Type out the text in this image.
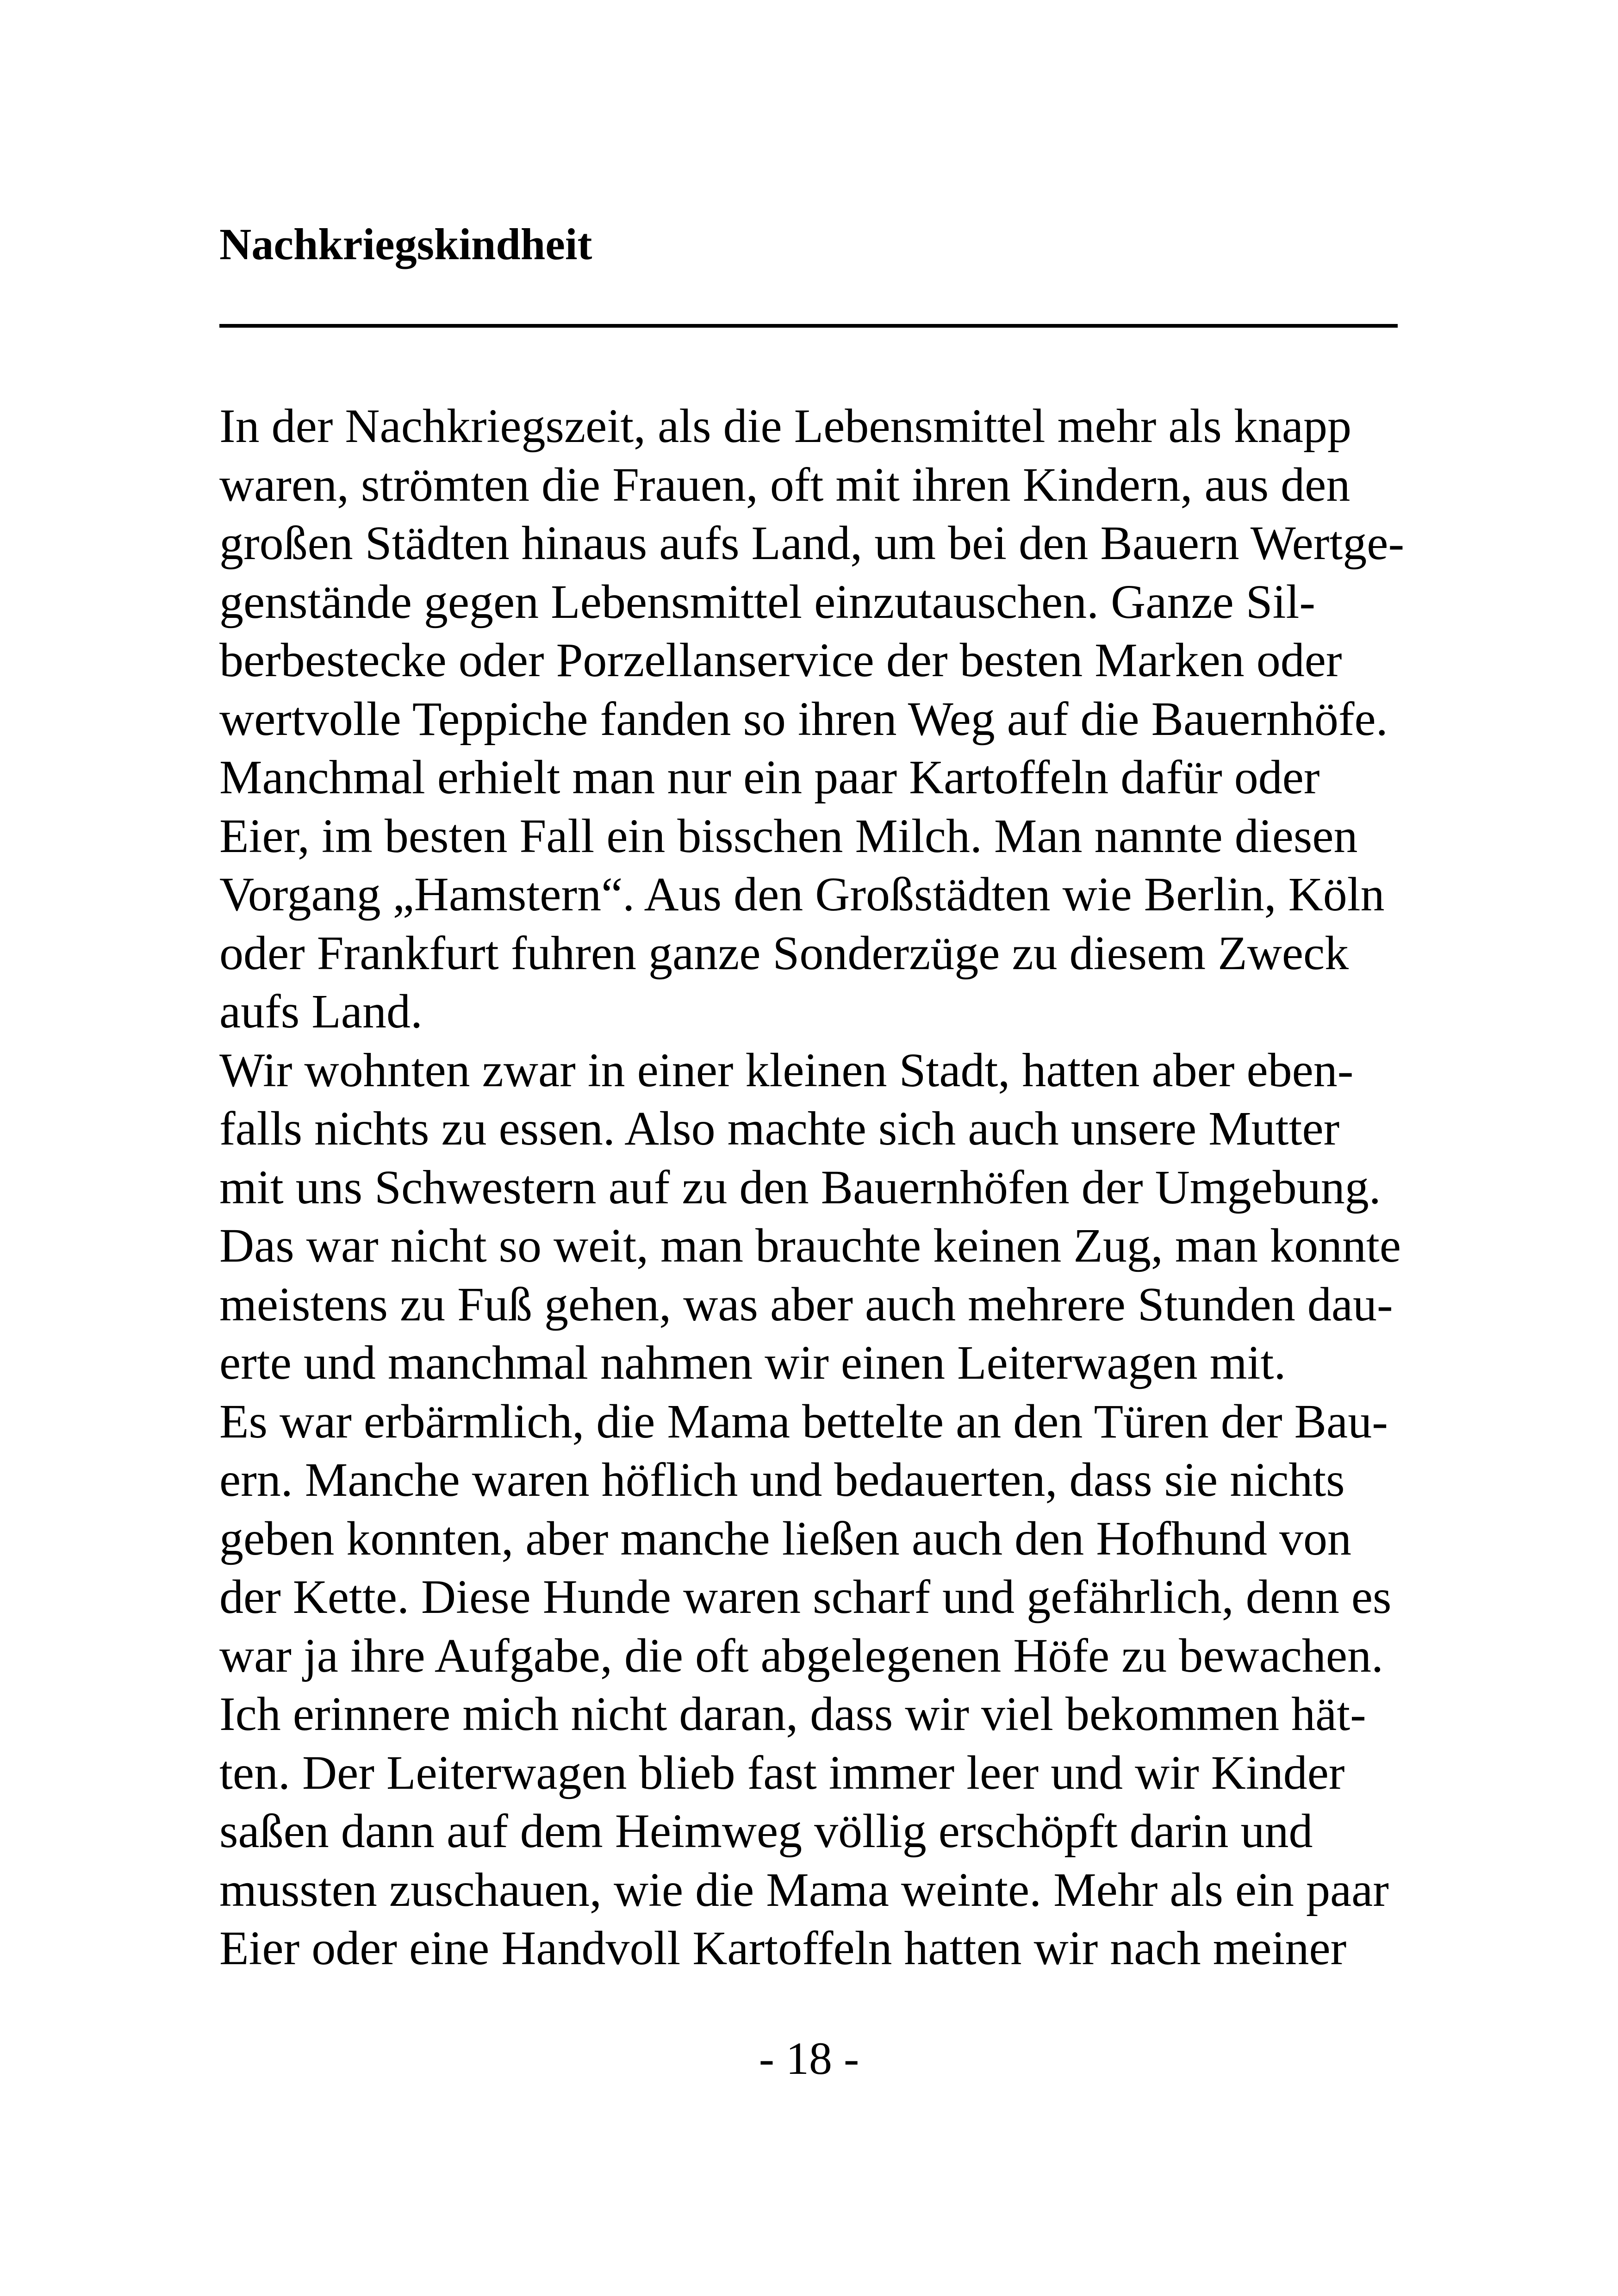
Nachkriegskindheit
In der Nachkriegszeit, als die Lebensmittel mehr als knapp
waren, strömten die Frauen, oft mit ihren Kindern, aus den
großen Städten hinaus aufs Land, um bei den Bauern Wertge-
genstände gegen Lebensmittel einzutauschen. Ganze Sil-
berbestecke oder Porzellanservice der besten Marken oder
wertvolle Teppiche fanden so ihren Weg auf die Bauernhöfe.
Manchmal erhielt man nur ein paar Kartoffeln dafür oder
Eier, im besten Fall ein bisschen Milch. Man nannte diesen
Vorgang „Hamstern“. Aus den Großstädten wie Berlin, Köln
oder Frankfurt fuhren ganze Sonderzüge zu diesem Zweck
aufs Land.
Wir wohnten zwar in einer kleinen Stadt, hatten aber eben-
falls nichts zu essen. Also machte sich auch unsere Mutter
mit uns Schwestern auf zu den Bauernhöfen der Umgebung.
Das war nicht so weit, man brauchte keinen Zug, man konnte
meistens zu Fuß gehen, was aber auch mehrere Stunden dau-
erte und manchmal nahmen wir einen Leiterwagen mit.
Es war erbärmlich, die Mama bettelte an den Türen der Bau-
ern. Manche waren höflich und bedauerten, dass sie nichts
geben konnten, aber manche ließen auch den Hofhund von
der Kette. Diese Hunde waren scharf und gefährlich, denn es
war ja ihre Aufgabe, die oft abgelegenen Höfe zu bewachen.
Ich erinnere mich nicht daran, dass wir viel bekommen hät-
ten. Der Leiterwagen blieb fast immer leer und wir Kinder
saßen dann auf dem Heimweg völlig erschöpft darin und
mussten zuschauen, wie die Mama weinte. Mehr als ein paar
Eier oder eine Handvoll Kartoffeln hatten wir nach meiner
- 18 -
